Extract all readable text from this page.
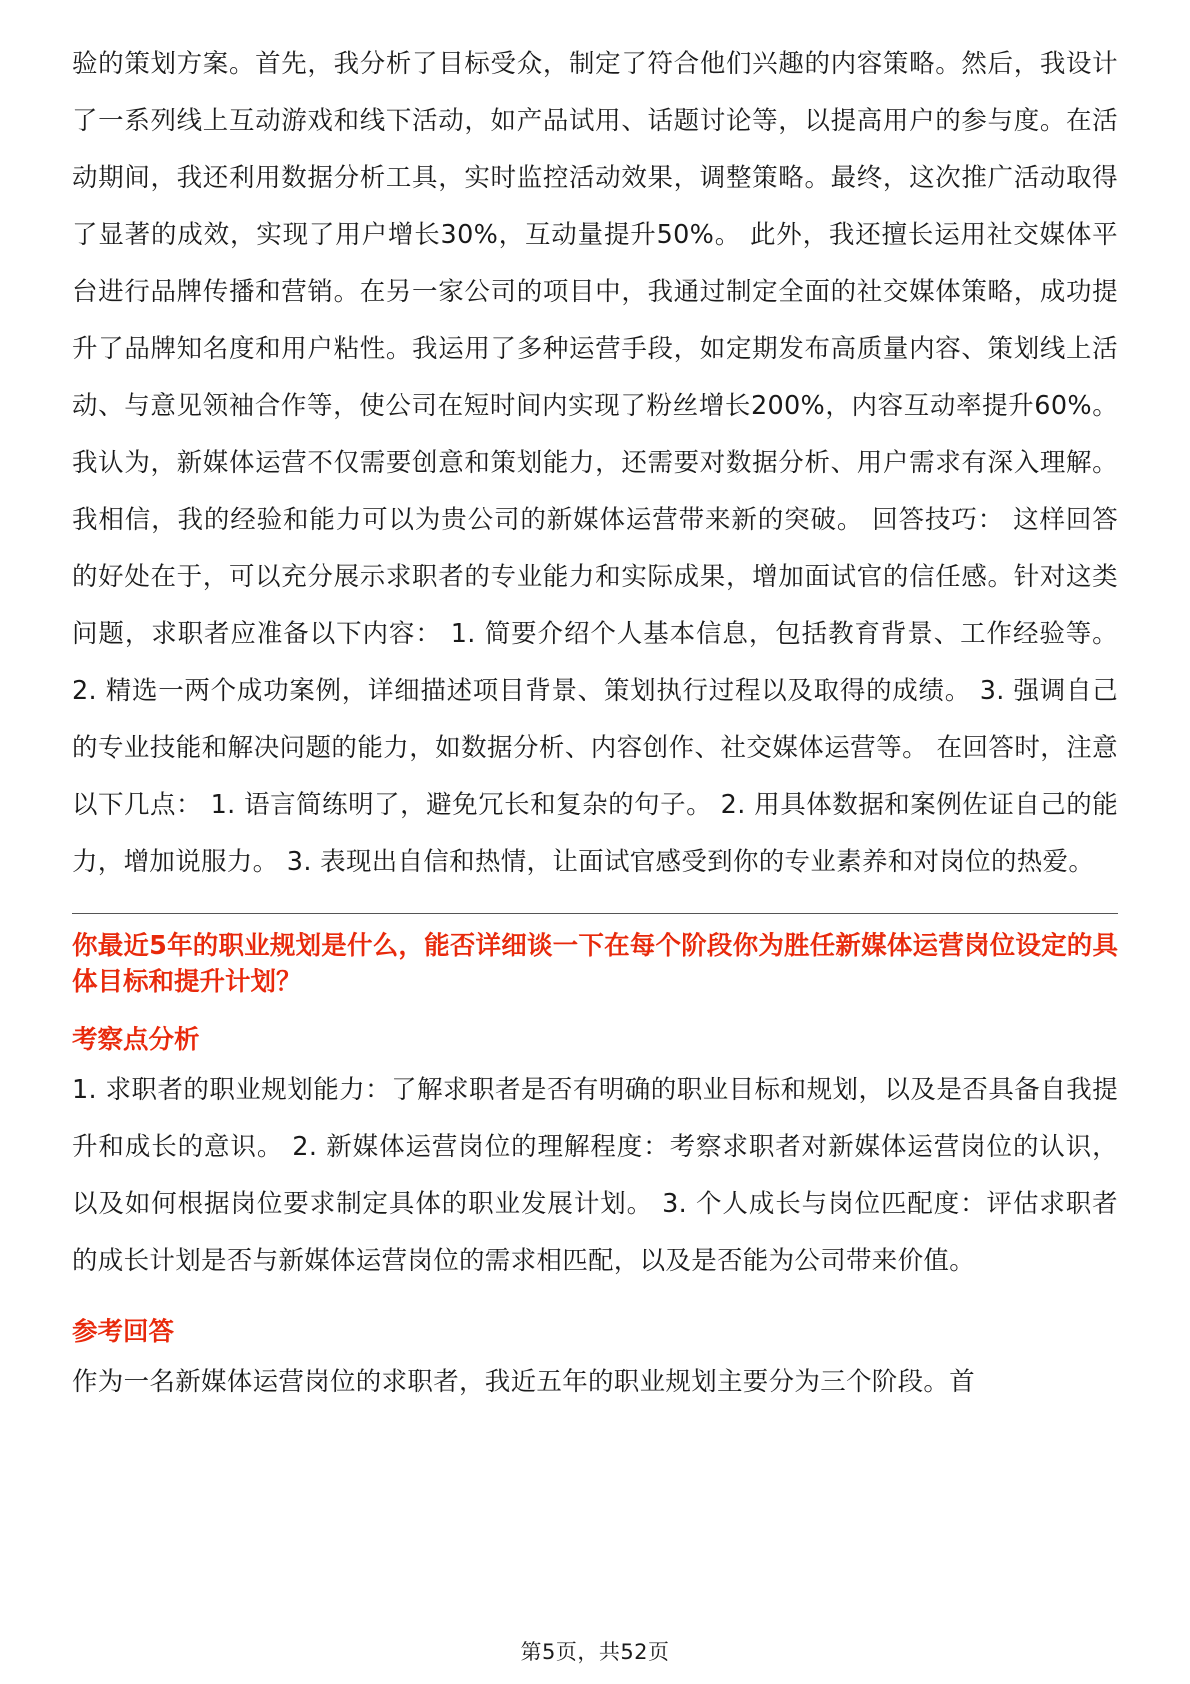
验的策划方案。首先，我分析了目标受众，制定了符合他们兴趣的内容策略。然后，我设计了一系列线上互动游戏和线下活动，如产品试用、话题讨论等，以提高用户的参与度。在活动期间，我还利用数据分析工具，实时监控活动效果，调整策略。最终，这次推广活动取得了显著的成效，实现了用户增长30%，互动量提升50%。 此外，我还擅长运用社交媒体平台进行品牌传播和营销。在另一家公司的项目中，我通过制定全面的社交媒体策略，成功提升了品牌知名度和用户粘性。我运用了多种运营手段，如定期发布高质量内容、策划线上活动、与意见领袖合作等，使公司在短时间内实现了粉丝增长200%，内容互动率提升60%。 我认为，新媒体运营不仅需要创意和策划能力，还需要对数据分析、用户需求有深入理解。我相信，我的经验和能力可以为贵公司的新媒体运营带来新的突破。 回答技巧： 这样回答的好处在于，可以充分展示求职者的专业能力和实际成果，增加面试官的信任感。针对这类问题，求职者应准备以下内容： 1. 简要介绍个人基本信息，包括教育背景、工作经验等。 2. 精选一两个成功案例，详细描述项目背景、策划执行过程以及取得的成绩。 3. 强调自己的专业技能和解决问题的能力，如数据分析、内容创作、社交媒体运营等。 在回答时，注意以下几点： 1. 语言简练明了，避免冗长和复杂的句子。 2. 用具体数据和案例佐证自己的能力，增加说服力。 3. 表现出自信和热情，让面试官感受到你的专业素养和对岗位的热爱。

你最近5年的职业规划是什么，能否详细谈一下在每个阶段你为胜任新媒体运营岗位设定的具体目标和提升计划？

考察点分析

1. 求职者的职业规划能力：了解求职者是否有明确的职业目标和规划，以及是否具备自我提升和成长的意识。 2. 新媒体运营岗位的理解程度：考察求职者对新媒体运营岗位的认识，以及如何根据岗位要求制定具体的职业发展计划。 3. 个人成长与岗位匹配度：评估求职者的成长计划是否与新媒体运营岗位的需求相匹配，以及是否能为公司带来价值。

参考回答

作为一名新媒体运营岗位的求职者，我近五年的职业规划主要分为三个阶段。首

第5页，共52页
